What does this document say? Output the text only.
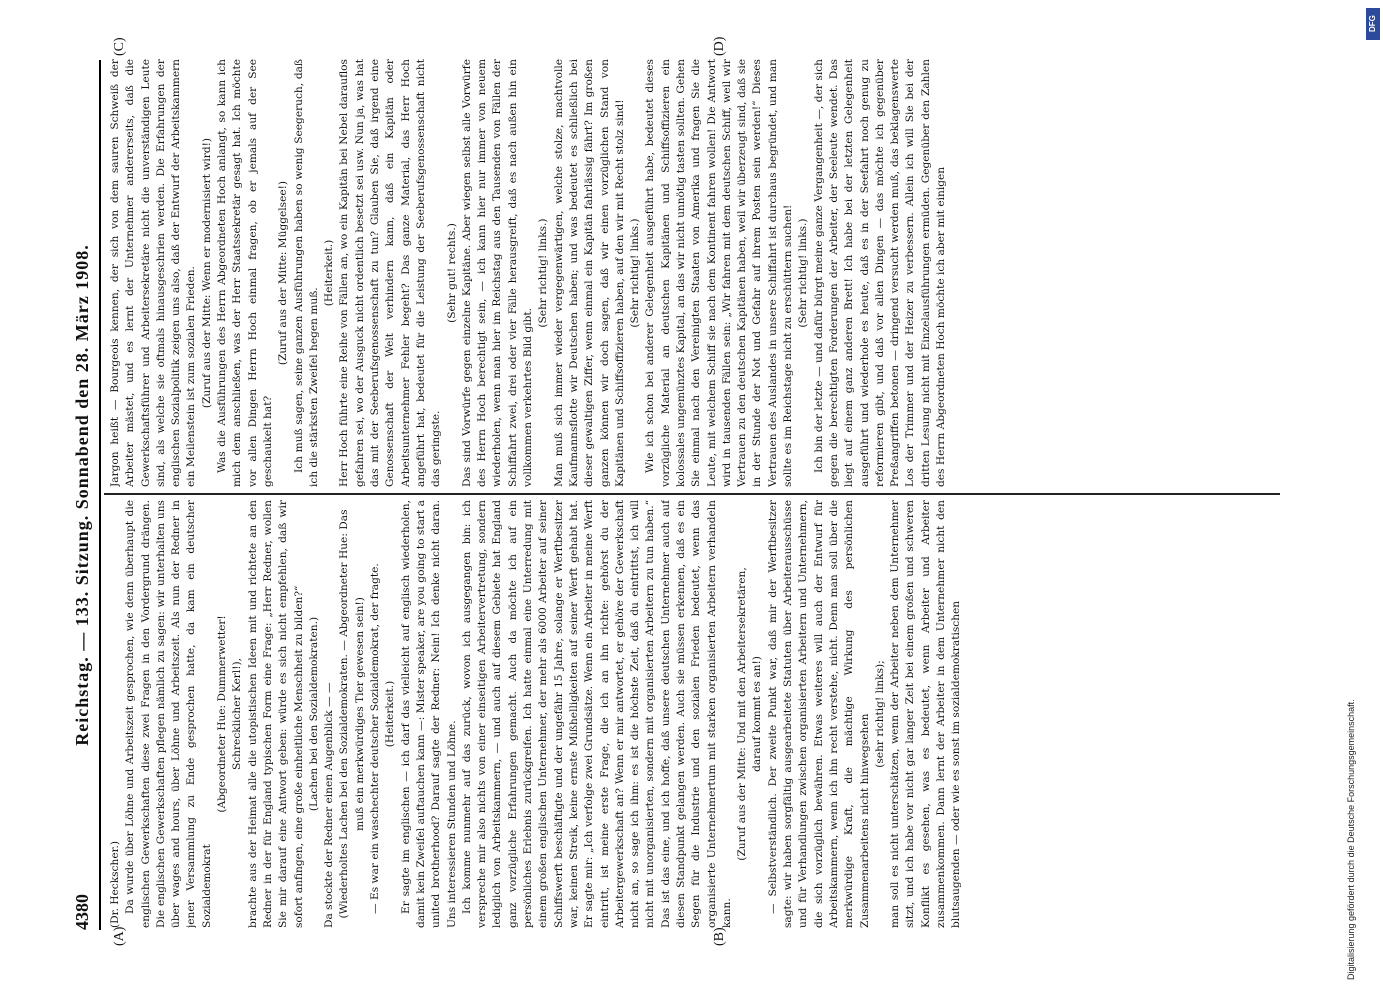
4380
Reichstag. — 133. Sitzung. Sonnabend den 28. März 1908.
(A)	(B)
(C)	(D)

(Dr. Heckscher.) Da wurde über Löhne und Arbeitszeit gesprochen, wie denn überhaupt die englischen Gewerkschaften diese zwei Fragen in den Vordergrund drängen. Die englischen Gewerkschaften pflegen nämlich zu sagen: wir unterhalten uns über wages and hours, über Löhne und Arbeitszeit. Als nun der Redner in jener Versammlung zu Ende gesprochen hatte, da kam ein deutscher Sozialdemokrat

(Abgeordneter Hue: Dummerwetter! Schrecklicher Kerl!), brachte aus der Heimat alle die utopistischen Ideen mit und richtete an den Redner in der für England typischen Form eine Frage: „Herr Redner, wollen Sie mir darauf eine Antwort geben: würde es sich nicht empfehlen, daß wir sofort anfingen, eine große einheitliche Menschheit zu bilden?“ (Lachen bei den Sozialdemokraten.) Da stockte der Redner einen Augenblick — — (Wiederholtes Lachen bei den Sozialdemokraten. — Abgeordneter Hue: Das muß ein merkwürdiges Tier gewesen sein!) — Es war ein waschechter deutscher Sozialdemokrat, der fragte. (Heiterkeit.) Er sagte im englischen — ich darf das vielleicht auf englisch wiederholen, damit kein Zweifel auftauchen kann —: Mister speaker, are you going to start a united brotherhood? Darauf sagte der Redner: Nein! Ich denke nicht daran. Uns interessieren Stunden und Löhne. Ich komme nunmehr auf das zurück, wovon ich ausgegangen bin: ich verspreche mir also nichts von einer einseitigen Arbeitervertretung, sondern lediglich von Arbeitskammern, — und auch auf diesem Gebiete hat England ganz vorzügliche Erfahrungen gemacht. Auch da möchte ich auf ein persönliches Erlebnis zurückgreifen. Ich hatte einmal eine Unterredung mit einem großen englischen Unternehmer, der mehr als 6000 Arbeiter auf seiner Schiffswerft beschäftigte und der ungefähr 15 Jahre, solange er Werftbesitzer war, keinen Streik, keine ernste Mißhelligkeiten auf seiner Werft gehabt hat. Er sagte mir: „Ich verfolge zwei Grundsätze. Wenn ein Arbeiter in meine Werft eintritt, ist meine erste Frage, die ich an ihn richte: gehörst du der Arbeitergewerkschaft an? Wenn er mir antwortet, er gehöre der Gewerkschaft nicht an, so sage ich ihm: es ist die höchste Zeit, daß du eintrittst, ich will nicht mit unorganisierten, sondern mit organisierten Arbeitern zu tun haben.“ Das ist das eine, und ich hoffe, daß unsere deutschen Unternehmer auch auf diesen Standpunkt gelangen werden. Auch sie müssen erkennen, daß es ein Segen für die Industrie und den sozialen Frieden bedeutet, wenn das organisierte Unternehmertum mit starken organisierten Arbeitern verhandeln kann.

(Zuruf aus der Mitte: Und mit den Arbeitersekretären, darauf kommt es an!) — Selbstverständlich. Der zweite Punkt war, daß mir der Werftbesitzer sagte: wir haben sorgfältig ausgearbeitete Statuten über Arbeiterausschüsse und für Verhandlungen zwischen organisierten Arbeitern und Unternehmern, die sich vorzüglich bewähren. Etwas weiteres will auch der Entwurf für Arbeitskammern, wenn ich ihn recht verstehe, nicht. Denn man soll über die merkwürdige Kraft, die mächtige Wirkung des persönlichen Zusammenarbeitens nicht hinwegsehen (sehr richtig! links); man soll es nicht unterschätzen, wenn der Arbeiter neben dem Unternehmer sitzt, und ich habe vor nicht gar langer Zeit bei einem großen und schweren Konflikt es gesehen, was es bedeutet, wenn Arbeiter und Arbeiter zusammenkommen. Dann lernt der Arbeiter in dem Unternehmer nicht den blutsaugenden — oder wie es sonst im sozialdemokratischen

Jargon heißt — Bourgeois kennen, der sich von dem sauren Schweiß der Arbeiter mästet, und es lernt der Unternehmer andererseits, daß die Gewerkschaftsführer und Arbeitersekretäre nicht die unverständigen Leute sind, als welche sie oftmals hinausgeschrien werden. Die Erfahrungen der englischen Sozialpolitik zeigen uns also, daß der Entwurf der Arbeitskammern ein Meilenstein ist zum sozialen Frieden. (Zuruf aus der Mitte: Wenn er modernisiert wird!) Was die Ausführungen des Herrn Abgeordneten Hoch anlangt, so kann ich mich dem anschließen, was der Herr Staatssekretär gesagt hat. Ich möchte vor allen Dingen Herrn Hoch einmal fragen, ob er jemals auf der See geschaukelt hat?

(Zuruf aus der Mitte: Müggelsee!) Ich muß sagen, seine ganzen Ausführungen haben so wenig Seegeruch, daß ich die stärksten Zweifel hegen muß.

(Heiterkeit.) Herr Hoch führte eine Reihe von Fällen an, wo ein Kapitän bei Nebel darauflos gefahren sei, wo der Ausguck nicht ordentlich besetzt sei usw. Nun ja, was hat das mit der Seeberufsgenossenschaft zu tun? Glauben Sie, daß irgend eine Genossenschaft der Welt verhindern kann, daß ein Kapitän oder Arbeitsunternehmer Fehler begeht? Das ganze Material, das Herr Hoch angeführt hat, bedeutet für die Leistung der Seeberufsgenossenschaft nicht das geringste.

(Sehr gut! rechts.) Das sind Vorwürfe gegen einzelne Kapitäne. Aber wiegen selbst alle Vorwürfe des Herrn Hoch berechtigt sein, — ich kann hier nur immer von neuem wiederholen, wenn man hier im Reichstag aus den Tausenden von Fällen der Schiffahrt zwei, drei oder vier Fälle herausgreift, daß es nach außen hin ein vollkommen verkehrtes Bild gibt.

(Sehr richtig! links.) Man muß sich immer wieder vergegenwärtigen, welche stolze, machtvolle Kaufmannsflotte wir Deutschen haben; und was bedeutet es schließlich bei dieser gewaltigen Ziffer, wenn einmal ein Kapitän fahrlässig fährt? Im großen ganzen können wir doch sagen, daß wir einen vorzüglichen Stand von Kapitänen und Schiffsoffizieren haben, auf den wir mit Recht stolz sind! (Sehr richtig! links.) Wie ich schon bei anderer Gelegenheit ausgeführt habe, bedeutet dieses vorzügliche Material an deutschen Kapitänen und Schiffsoffizieren ein kolossales ungemünztes Kapital, an das wir nicht unnötig tasten sollten. Gehen Sie einmal nach den Vereinigten Staaten von Amerika und fragen Sie die Leute, mit welchem Schiff sie nach dem Kontinent fahren wollen! Die Antwort wird in tausenden Fällen sein: „Wir fahren mit dem deutschen Schiff, weil wir Vertrauen zu den deutschen Kapitänen haben, weil wir überzeugt sind, daß sie in der Stunde der Not und Gefahr auf ihrem Posten sein werden!“ Dieses Vertrauen des Auslandes in unsere Schiffahrt ist durchaus begründet, und man sollte es im Reichstage nicht zu erschüttern suchen! (Sehr richtig! links.) Ich bin der letzte — und dafür bürgt meine ganze Vergangenheit —, der sich gegen die berechtigten Forderungen der Arbeiter, der Seeleute wendet. Das liegt auf einem ganz anderen Brett! Ich habe bei der letzten Gelegenheit ausgeführt und wiederhole es heute, daß es in der Seefahrt noch genug zu reformieren gibt, und daß vor allen Dingen — das möchte ich gegenüber Preßangriffen betonen — dringend versucht werden muß, das beklagenswerte Los der Trimmer und der Heizer zu verbessern. Allein ich will Sie bei der dritten Lesung nicht mit Einzelausführungen ermüden. Gegenüber den Zahlen des Herrn Abgeordneten Hoch möchte ich aber mit einigen

DFG
Digitalisierung gefördert durch die Deutsche Forschungsgemeinschaft.
